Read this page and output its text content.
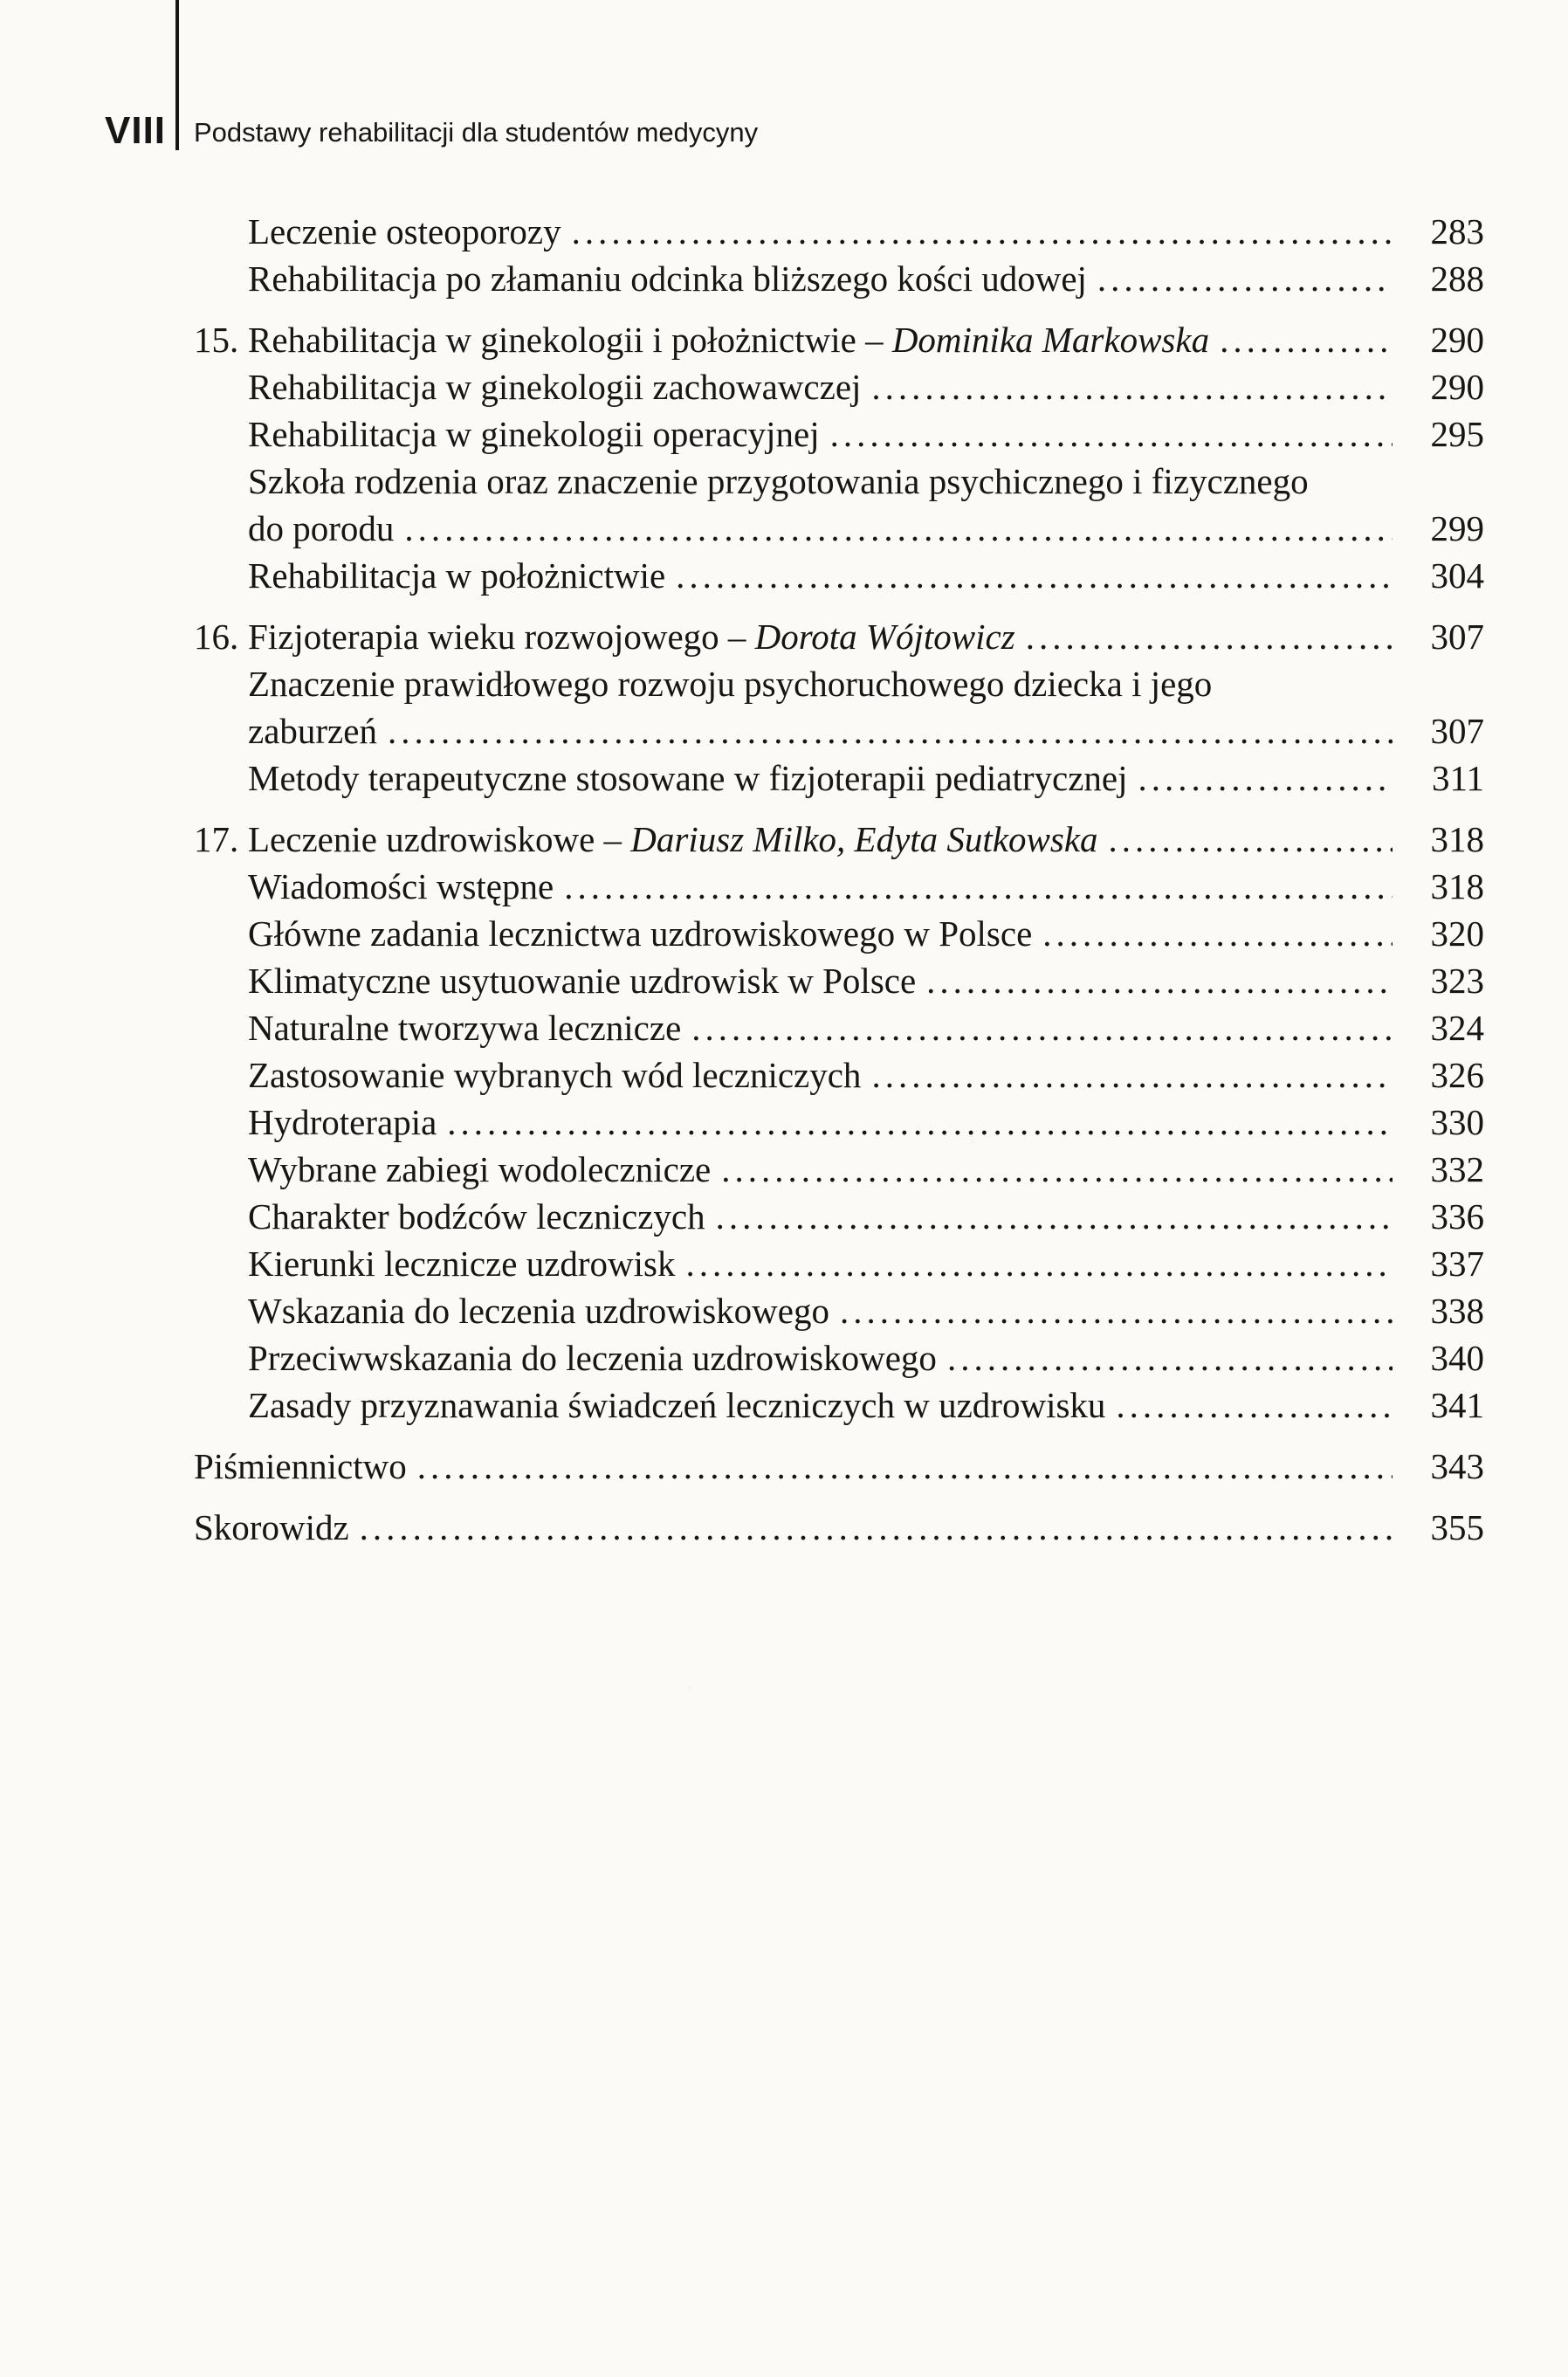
VIII Podstawy rehabilitacji dla studentów medycyny
Leczenie osteoporozy .....	283
Rehabilitacja po złamaniu odcinka bliższego kości udowej .....	288
15. Rehabilitacja w ginekologii i położnictwie – Dominika Markowska .....	290
Rehabilitacja w ginekologii zachowawczej .....	290
Rehabilitacja w ginekologii operacyjnej .....	295
Szkoła rodzenia oraz znaczenie przygotowania psychicznego i fizycznego
do porodu .....	299
Rehabilitacja w położnictwie .....	304
16. Fizjoterapia wieku rozwojowego – Dorota Wójtowicz .....	307
Znaczenie prawidłowego rozwoju psychoruchowego dziecka i jego
zaburzeń .....	307
Metody terapeutyczne stosowane w fizjoterapii pediatrycznej .....	311
17. Leczenie uzdrowiskowe – Dariusz Milko, Edyta Sutkowska .....	318
Wiadomości wstępne .....	318
Główne zadania lecznictwa uzdrowiskowego w Polsce .....	320
Klimatyczne usytuowanie uzdrowisk w Polsce .....	323
Naturalne tworzywa lecznicze .....	324
Zastosowanie wybranych wód leczniczych .....	326
Hydroterapia .....	330
Wybrane zabiegi wodolecznicze .....	332
Charakter bodźców leczniczych .....	336
Kierunki lecznicze uzdrowisk .....	337
Wskazania do leczenia uzdrowiskowego .....	338
Przeciwwskazania do leczenia uzdrowiskowego .....	340
Zasady przyznawania świadczeń leczniczych w uzdrowisku .....	341
Piśmiennictwo .....	343
Skorowidz .....	355
